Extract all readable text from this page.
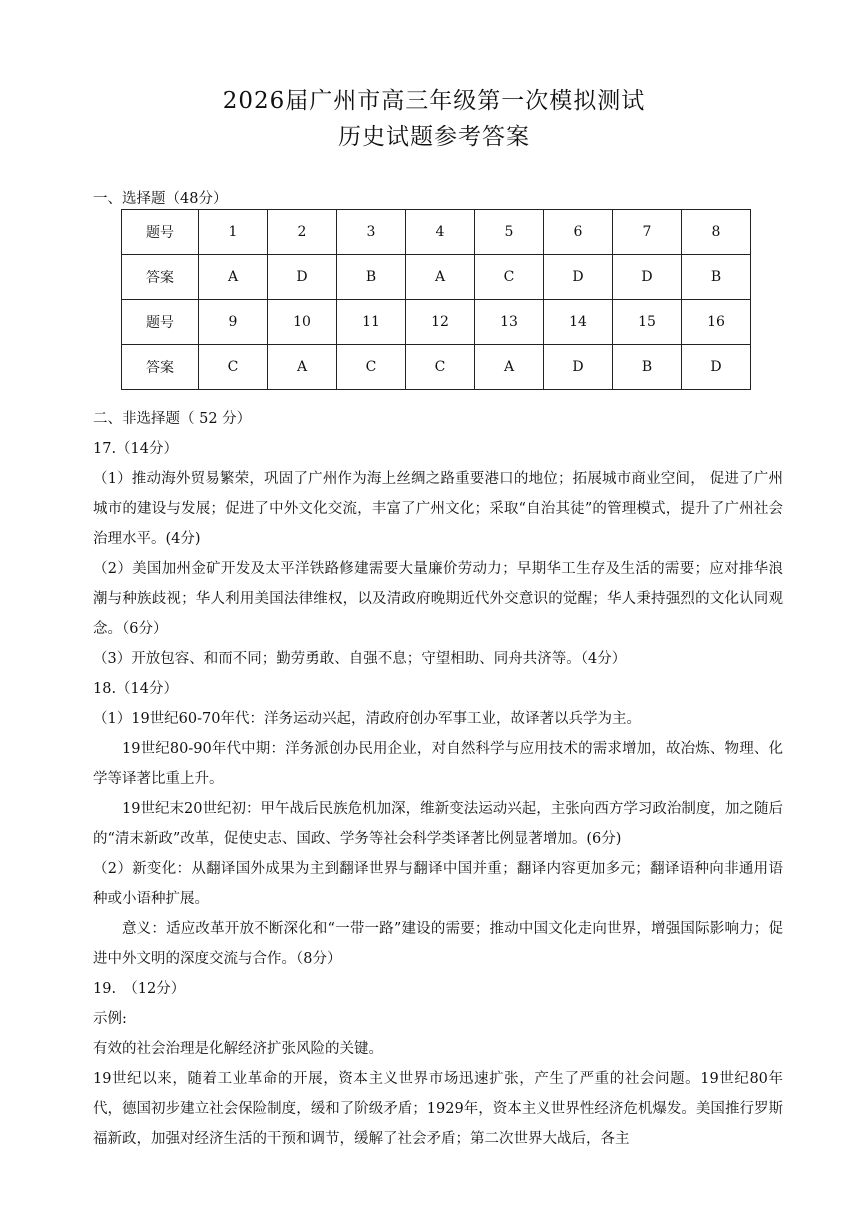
2026届广州市高三年级第一次模拟测试
历史试题参考答案
一、选择题（48分）
题号	1	2	3	4	5	6	7	8
答案	A	D	B	A	C	D	D	B
题号	9	10	11	12	13	14	15	16
答案	C	A	C	C	A	D	B	D

二、非选择题（ 52 分）

17.（14分）

（1）推动海外贸易繁荣，巩固了广州作为海上丝绸之路重要港口的地位；拓展城市商业空间， 促进了广州城市的建设与发展；促进了中外文化交流，丰富了广州文化；采取“自治其徒”的管理模式，提升了广州社会治理水平。(4分)

（2）美国加州金矿开发及太平洋铁路修建需要大量廉价劳动力；早期华工生存及生活的需要；应对排华浪潮与种族歧视；华人利用美国法律维权，以及清政府晚期近代外交意识的觉醒；华人秉持强烈的文化认同观念。（6分）

（3）开放包容、和而不同；勤劳勇敢、自强不息；守望相助、同舟共济等。（4分）

18.（14分）

（1）19世纪60-70年代：洋务运动兴起，清政府创办军事工业，故译著以兵学为主。

19世纪80-90年代中期：洋务派创办民用企业，对自然科学与应用技术的需求增加，故冶炼、物理、化学等译著比重上升。

19世纪末20世纪初：甲午战后民族危机加深，维新变法运动兴起，主张向西方学习政治制度，加之随后的“清末新政”改革，促使史志、国政、学务等社会科学类译著比例显著增加。(6分)

（2）新变化：从翻译国外成果为主到翻译世界与翻译中国并重；翻译内容更加多元；翻译语种向非通用语种或小语种扩展。

意义：适应改革开放不断深化和“一带一路”建设的需要；推动中国文化走向世界，增强国际影响力；促进中外文明的深度交流与合作。（8分）

19.　（12分）

示例:

有效的社会治理是化解经济扩张风险的关键。

19世纪以来，随着工业革命的开展，资本主义世界市场迅速扩张，产生了严重的社会问题。19世纪80年代，德国初步建立社会保险制度，缓和了阶级矛盾；1929年，资本主义世界性经济危机爆发。美国推行罗斯福新政，加强对经济生活的干预和调节，缓解了社会矛盾；第二次世界大战后，各主
